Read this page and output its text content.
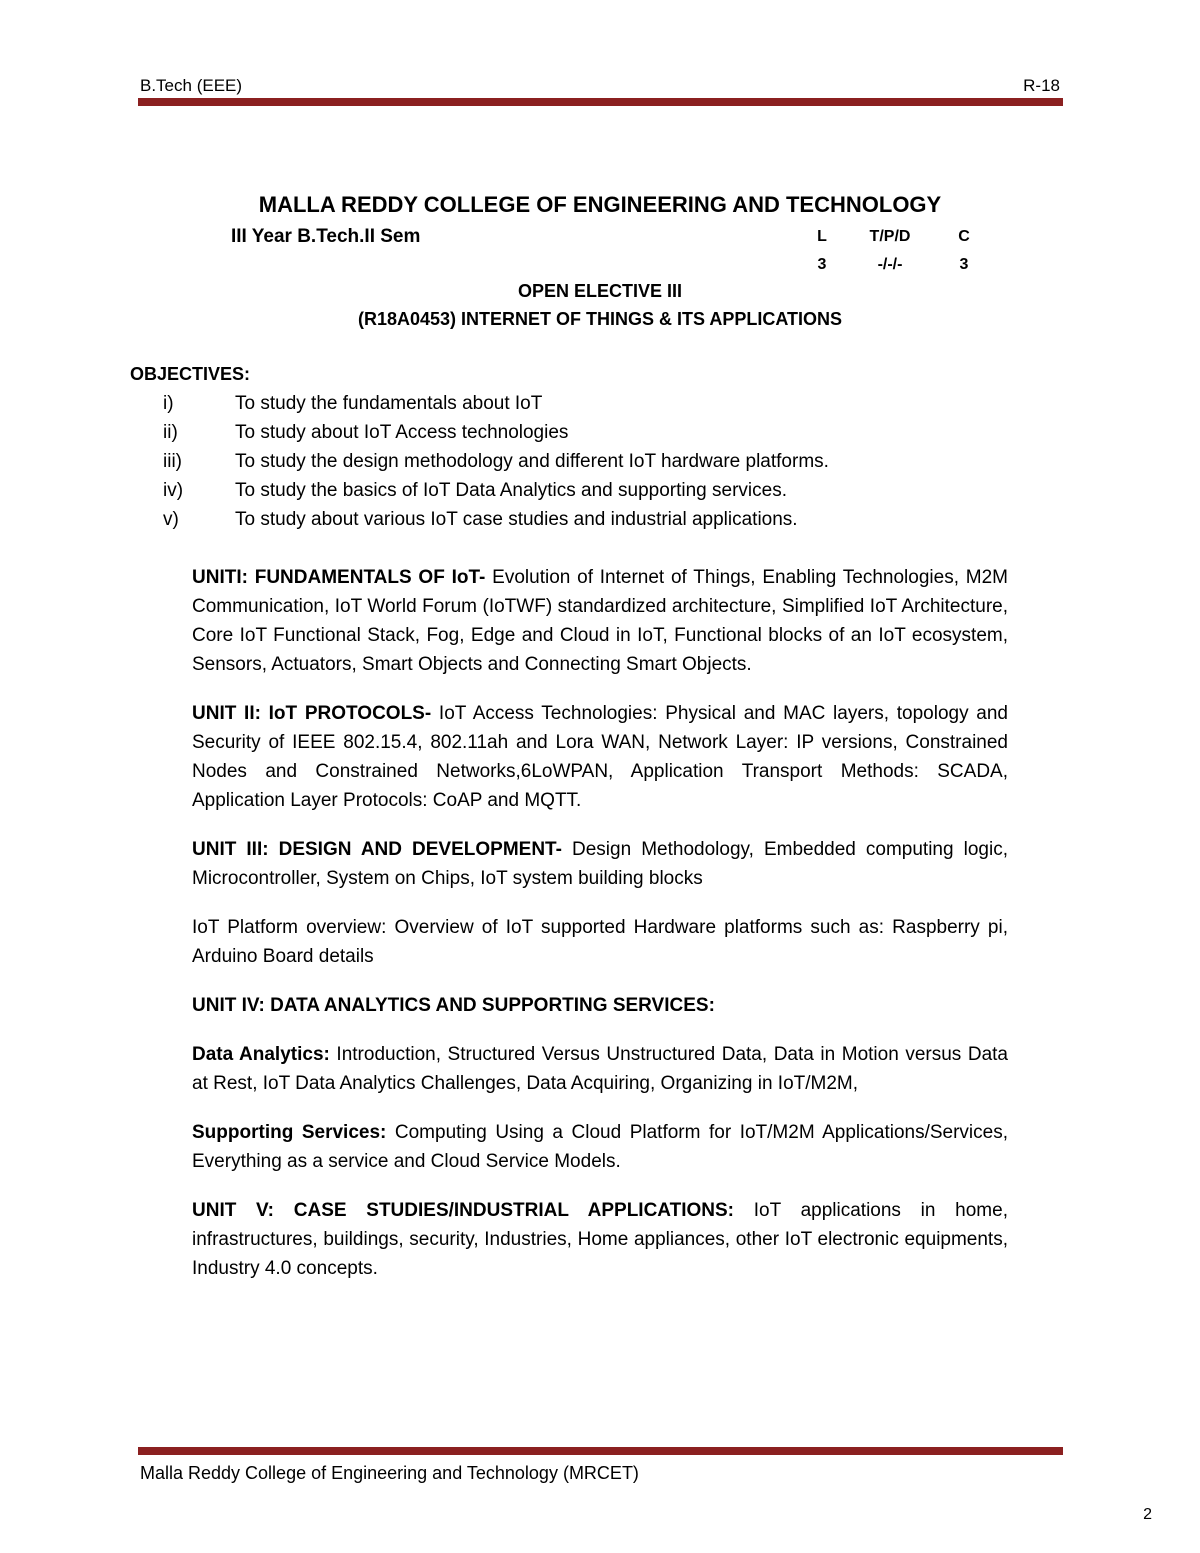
B.Tech (EEE)	R-18
MALLA REDDY COLLEGE OF ENGINEERING AND TECHNOLOGY
III Year B.Tech.II Sem	L	T/P/D	C
3	-/-/-	3
OPEN ELECTIVE III
(R18A0453) INTERNET OF THINGS & ITS APPLICATIONS
OBJECTIVES:
i)	To study the fundamentals about IoT
ii)	To study about IoT Access technologies
iii)	To study the design methodology and different IoT hardware platforms.
iv)	To study the basics of IoT Data Analytics and supporting services.
v)	To study about various IoT case studies and industrial applications.

UNITI: FUNDAMENTALS OF IoT- Evolution of Internet of Things, Enabling Technologies, M2M Communication, IoT World Forum (IoTWF) standardized architecture, Simplified IoT Architecture, Core IoT Functional Stack, Fog, Edge and Cloud in IoT, Functional blocks of an IoT ecosystem, Sensors, Actuators, Smart Objects and Connecting Smart Objects.

UNIT II: IoT PROTOCOLS- IoT Access Technologies: Physical and MAC layers, topology and Security of IEEE 802.15.4, 802.11ah and Lora WAN, Network Layer: IP versions, Constrained Nodes and Constrained Networks,6LoWPAN, Application Transport Methods: SCADA, Application Layer Protocols: CoAP and MQTT.

UNIT III: DESIGN AND DEVELOPMENT- Design Methodology, Embedded computing logic, Microcontroller, System on Chips, IoT system building blocks

IoT Platform overview: Overview of IoT supported Hardware platforms such as: Raspberry pi, Arduino Board details

UNIT IV: DATA ANALYTICS AND SUPPORTING SERVICES:

Data Analytics: Introduction, Structured Versus Unstructured Data, Data in Motion versus Data at Rest, IoT Data Analytics Challenges, Data Acquiring, Organizing in IoT/M2M,

Supporting Services: Computing Using a Cloud Platform for IoT/M2M Applications/Services, Everything as a service and Cloud Service Models.

UNIT V: CASE STUDIES/INDUSTRIAL APPLICATIONS: IoT applications in home, infrastructures, buildings, security, Industries, Home appliances, other IoT electronic equipments, Industry 4.0 concepts.

Malla Reddy College of Engineering and Technology (MRCET)
2
